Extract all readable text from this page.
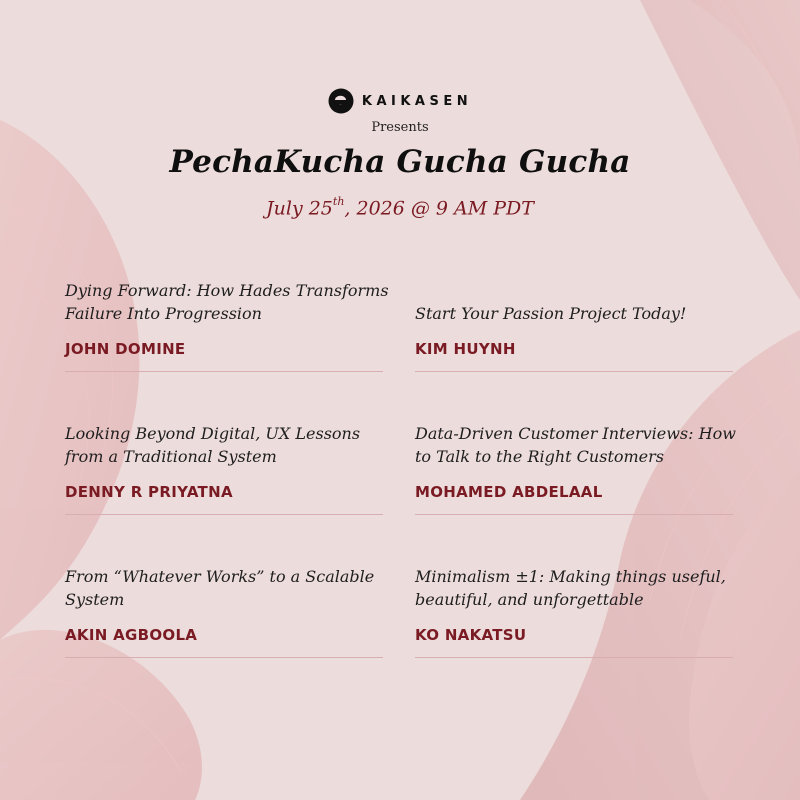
KAIKASEN
Presents
PechaKucha Gucha Gucha
July 25th, 2026 @ 9 AM PDT
Dying Forward: How Hades Transforms Failure Into Progression
JOHN DOMINE
Start Your Passion Project Today!
KIM HUYNH
Looking Beyond Digital, UX Lessons from a Traditional System
DENNY R PRIYATNA
Data-Driven Customer Interviews: How to Talk to the Right Customers
MOHAMED ABDELAAL
From “Whatever Works” to a Scalable System
AKIN AGBOOLA
Minimalism ±1: Making things useful, beautiful, and unforgettable
KO NAKATSU
